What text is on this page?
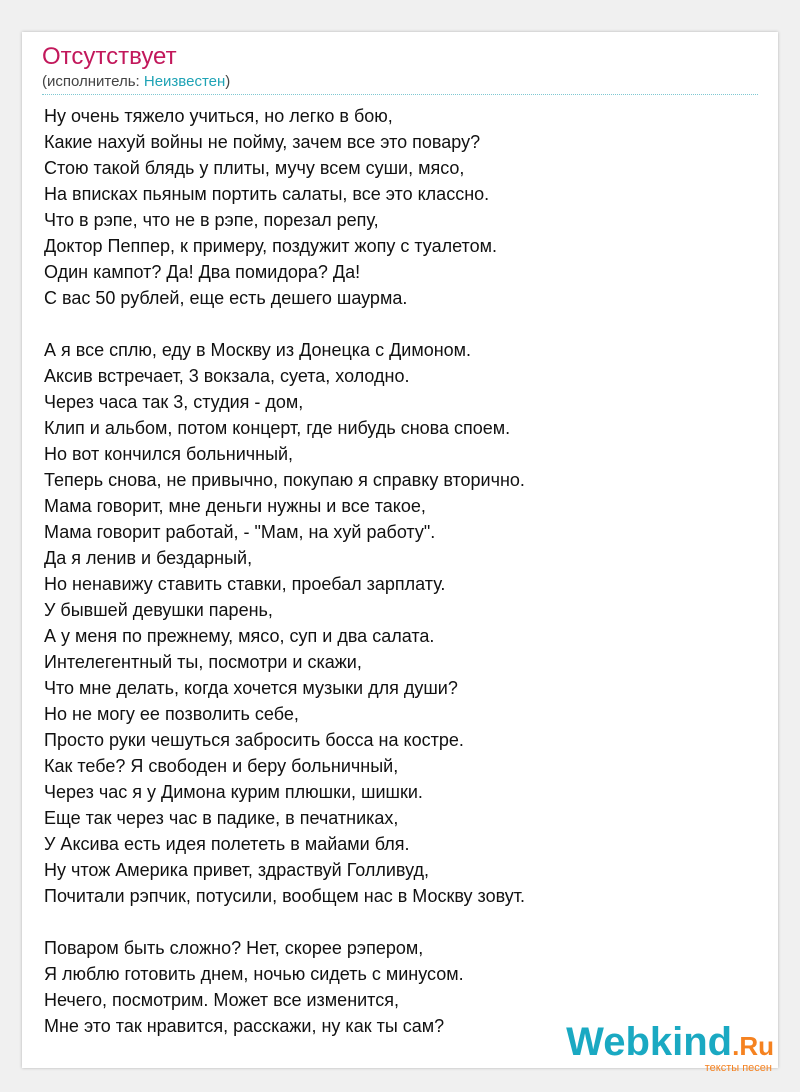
Отсутствует
(исполнитель: Неизвестен)
Ну очень тяжело учиться, но легко в бою,
Какие нахуй войны не пойму, зачем все это повару?
Стою такой блядь у плиты, мучу всем суши, мясо,
На вписках пьяным портить салаты, все это классно.
Что в рэпе, что не в рэпе, порезал репу,
Доктор Пеппер, к примеру, поздужит жопу с туалетом.
Один кампот? Да! Два помидора? Да!
С вас 50 рублей, еще есть дешего шаурма.
А я все сплю, еду в Москву из Донецка с Димоном.
Аксив встречает, 3 вокзала, суета, холодно.
Через часа так 3, студия - дом,
Клип и альбом, потом концерт, где нибудь снова споем.
Но вот кончился больничный,
Теперь снова, не привычно, покупаю я справку вторично.
Мама говорит, мне деньги нужны и все такое,
Мама говорит работай, - "Мам, на хуй работу".
Да я ленив и бездарный,
Но ненавижу ставить ставки, проебал зарплату.
У бывшей девушки парень,
А у меня по прежнему, мясо, суп и два салата.
Интелегентный ты, посмотри и скажи,
Что мне делать, когда хочется музыки для души?
Но не могу ее позволить себе,
Просто руки чешуться забросить босса на костре.
Как тебе? Я свободен и беру больничный,
Через час я у Димона курим плюшки, шишки.
Еще так через час в падике, в печатниках,
У Аксива есть идея полететь в майами бля.
Ну чтож Америка привет, здраствуй Голливуд,
Почитали рэпчик, потусили, вообщем нас в Москву зовут.
Поваром быть сложно? Нет, скорее рэпером,
Я люблю готовить днем, ночью сидеть с минусом.
Нечего, посмотрим. Может все изменится,
Мне это так нравится, расскажи, ну как ты сам?	Webkind.Ru
тексты песен
